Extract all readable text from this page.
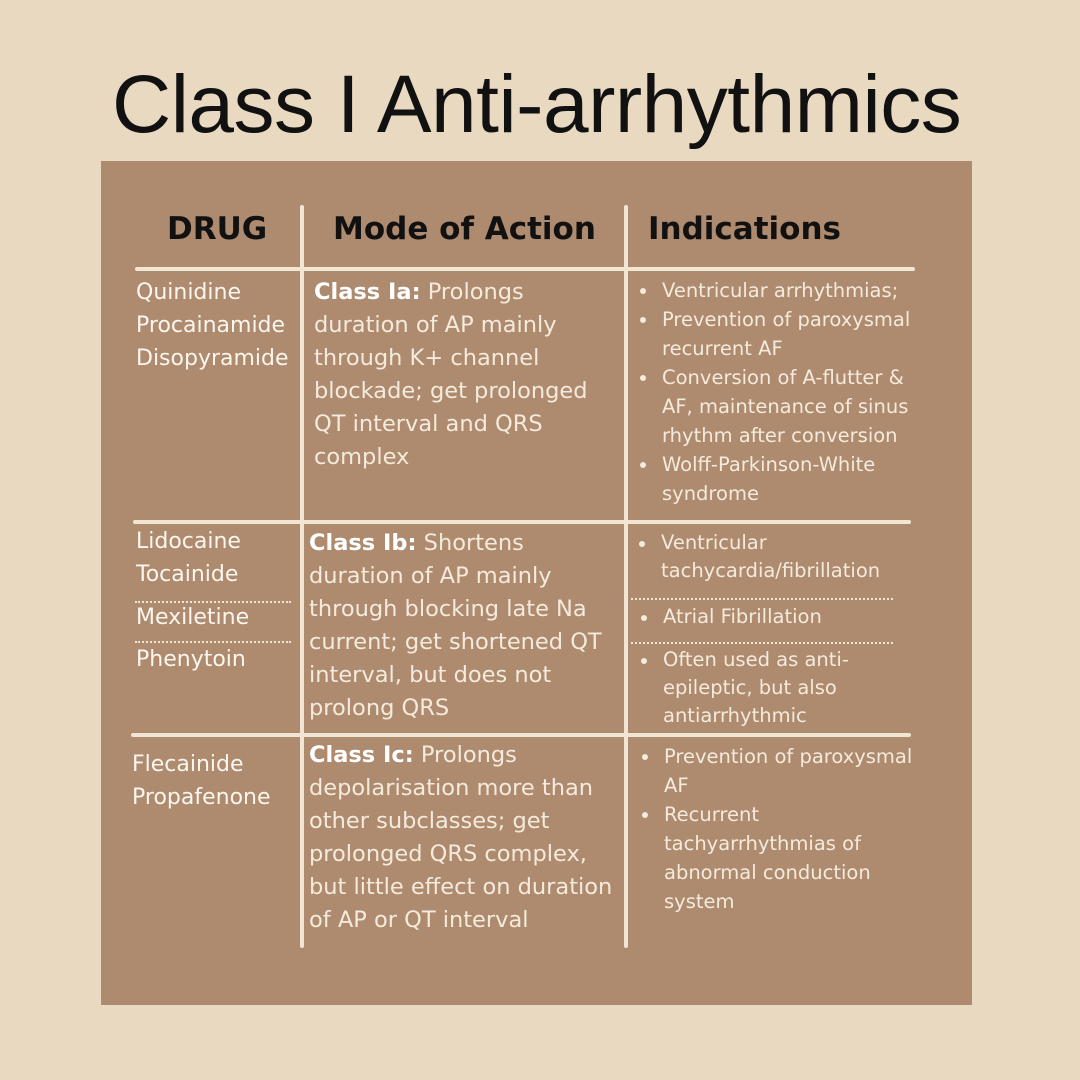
Class I Anti-arrhythmics
DRUG Mode of Action Indications
Quinidine
Procainamide
Disopyramide
Class Ia: Prolongs duration of AP mainly through K+ channel blockade; get prolonged QT interval and QRS complex
Ventricular arrhythmias;
Prevention of paroxysmal recurrent AF
Conversion of A-flutter & AF, maintenance of sinus rhythm after conversion
Wolff-Parkinson-White syndrome
Lidocaine
Tocainide
Mexiletine
Phenytoin
Class Ib: Shortens duration of AP mainly through blocking late Na current; get shortened QT interval, but does not prolong QRS
Ventricular tachycardia/fibrillation
Atrial Fibrillation
Often used as anti-epileptic, but also antiarrhythmic
Flecainide
Propafenone
Class Ic: Prolongs depolarisation more than other subclasses; get prolonged QRS complex, but little effect on duration of AP or QT interval
Prevention of paroxysmal AF
Recurrent tachyarrhythmias of abnormal conduction system
